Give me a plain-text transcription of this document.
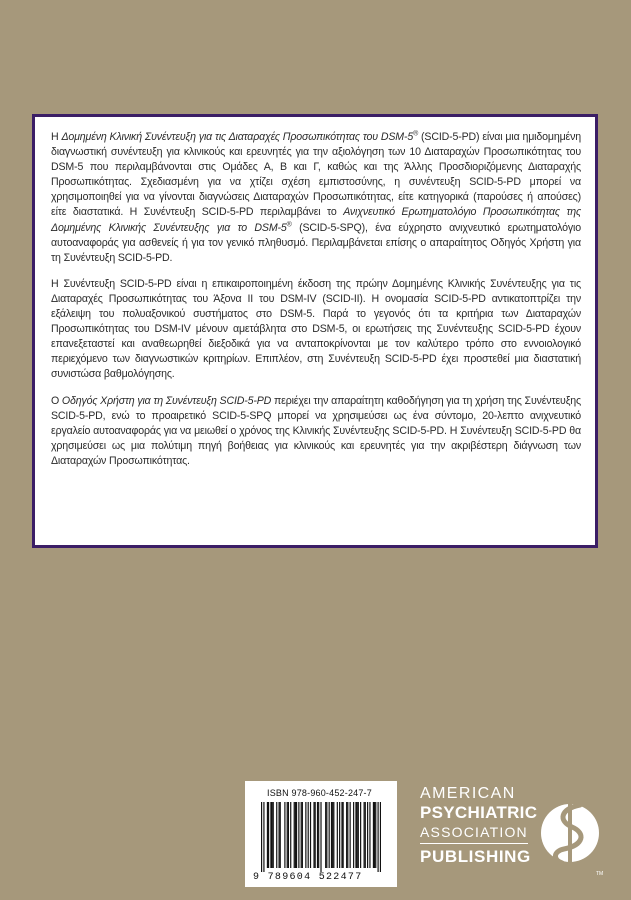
Η Δομημένη Κλινική Συνέντευξη για τις Διαταραχές Προσωπικότητας του DSM-5® (SCID-5-PD) είναι μια ημιδομημένη διαγνωστική συνέντευξη για κλινικούς και ερευνητές για την αξιολόγηση των 10 Διαταραχών Προσωπικότητας του DSM-5 που περιλαμβάνονται στις Ομάδες Α, Β και Γ, καθώς και της Άλλης Προσδιοριζόμενης Διαταραχής Προσωπικότητας. Σχεδιασμένη για να χτίζει σχέση εμπιστοσύνης, η συνέντευξη SCID-5-PD μπορεί να χρησιμοποιηθεί για να γίνονται διαγνώσεις Διαταραχών Προσωπικότητας, είτε κατηγορικά (παρούσες ή απούσες) είτε διαστατικά. Η Συνέντευξη SCID-5-PD περιλαμβάνει το Ανιχνευτικό Ερωτηματολόγιο Προσωπικότητας της Δομημένης Κλινικής Συνέντευξης για το DSM-5® (SCID-5-SPQ), ένα εύχρηστο ανιχνευτικό ερωτηματολόγιο αυτοαναφοράς για ασθενείς ή για τον γενικό πληθυσμό. Περιλαμβάνεται επίσης ο απαραίτητος Οδηγός Χρήστη για τη Συνέντευξη SCID-5-PD.

Η Συνέντευξη SCID-5-PD είναι η επικαιροποιημένη έκδοση της πρώην Δομημένης Κλινικής Συνέντευξης για τις Διαταραχές Προσωπικότητας του Άξονα ΙΙ του DSM-IV (SCID-II). Η ονομασία SCID-5-PD αντικατοπτρίζει την εξάλειψη του πολυαξονικού συστήματος στο DSM-5. Παρά το γεγονός ότι τα κριτήρια των Διαταραχών Προσωπικότητας του DSM-IV μένουν αμετάβλητα στο DSM-5, οι ερωτήσεις της Συνέντευξης SCID-5-PD έχουν επανεξεταστεί και αναθεωρηθεί διεξοδικά για να ανταποκρίνονται με τον καλύτερο τρόπο στο εννοιολογικό περιεχόμενο των διαγνωστικών κριτηρίων. Επιπλέον, στη Συνέντευξη SCID-5-PD έχει προστεθεί μια διαστατική συνιστώσα βαθμολόγησης.

Ο Οδηγός Χρήστη για τη Συνέντευξη SCID-5-PD περιέχει την απαραίτητη καθοδήγηση για τη χρήση της Συνέντευξης SCID-5-PD, ενώ το προαιρετικό SCID-5-SPQ μπορεί να χρησιμεύσει ως ένα σύντομο, 20-λεπτο ανιχνευτικό εργαλείο αυτοαναφοράς για να μειωθεί ο χρόνος της Κλινικής Συνέντευξης SCID-5-PD. Η Συνέντευξη SCID-5-PD θα χρησιμεύσει ως μια πολύτιμη πηγή βοήθειας για κλινικούς και ερευνητές για την ακριβέστερη διάγνωση των Διαταραχών Προσωπικότητας.

ISBN 978-960-452-247-7
9 789604 522477
AMERICAN
PSYCHIATRIC
ASSOCIATION
PUBLISHING
TM
